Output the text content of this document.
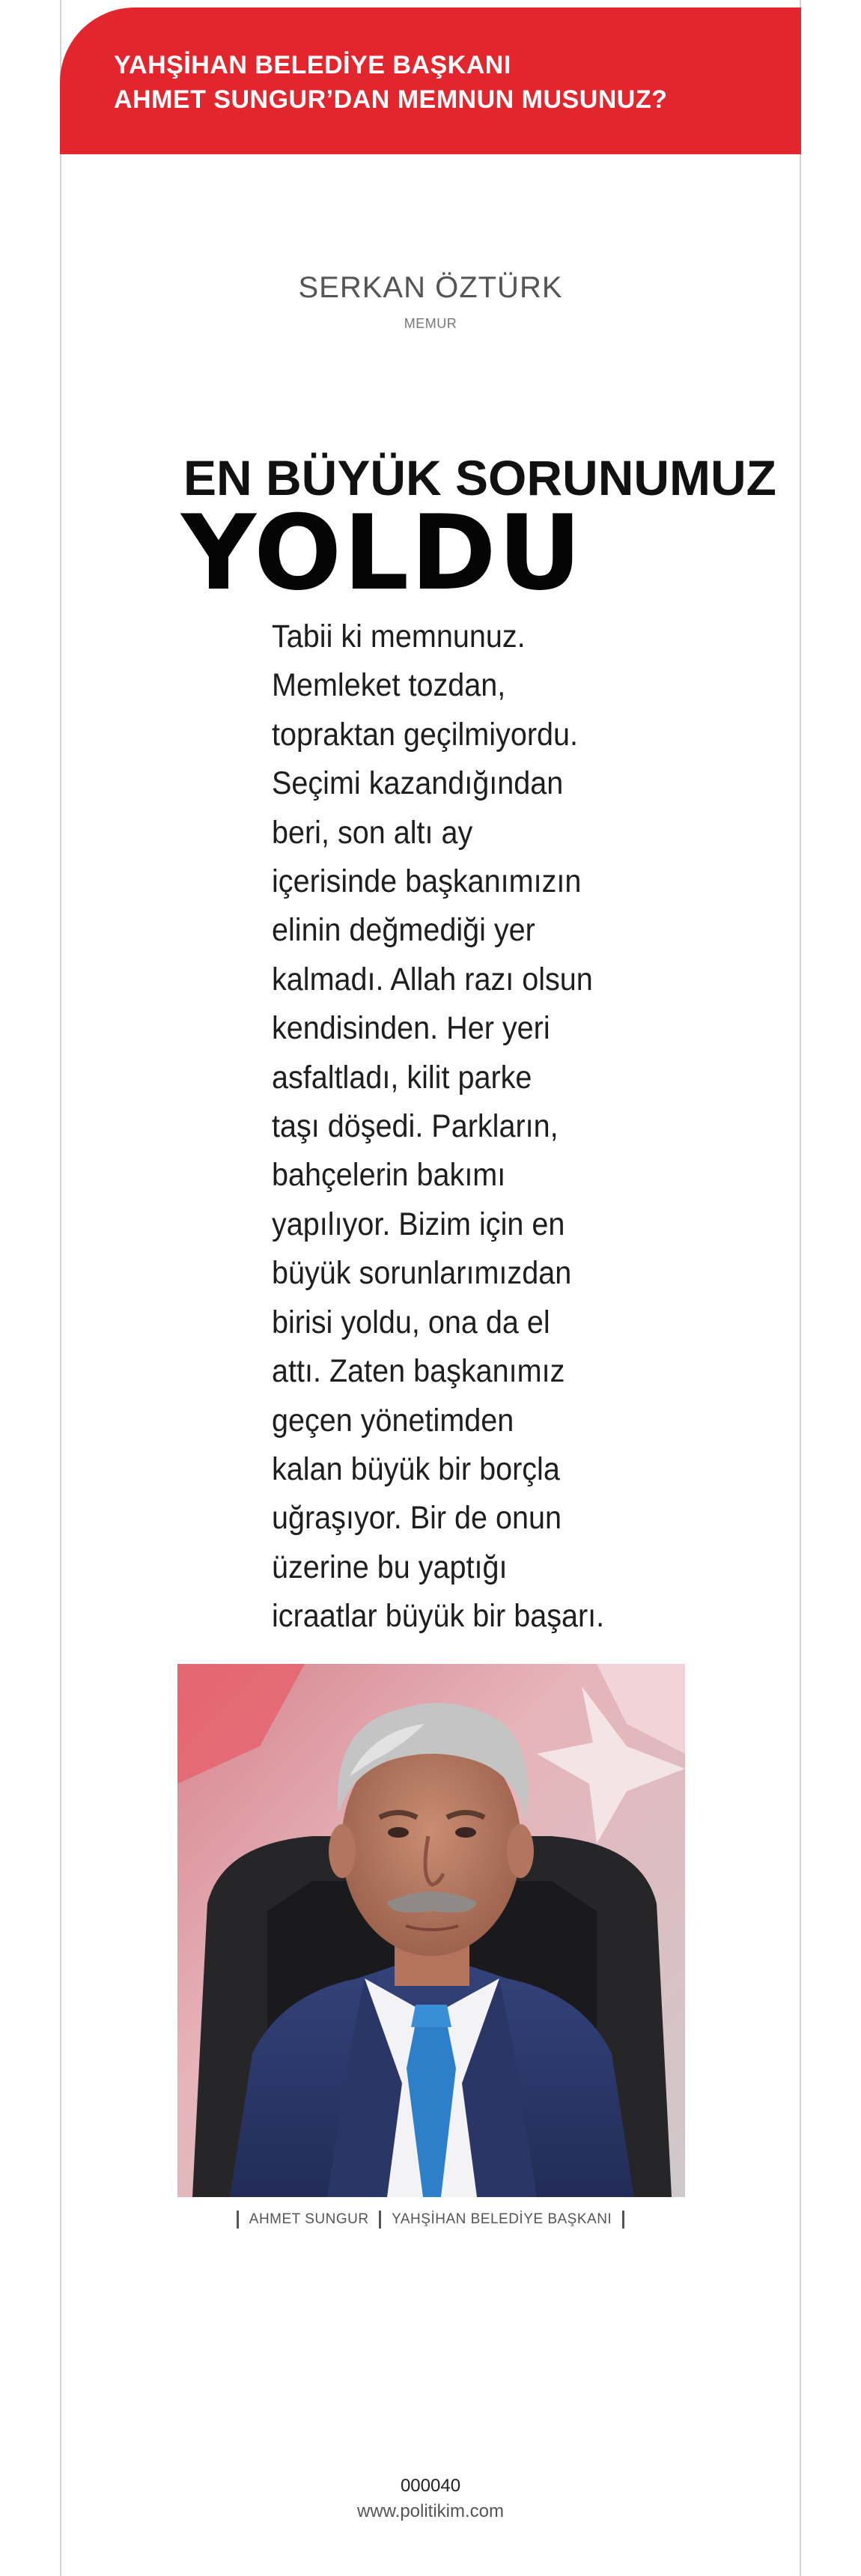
YAHŞİHAN BELEDİYE BAŞKANI
AHMET SUNGUR’DAN MEMNUN MUSUNUZ?
SERKAN ÖZTÜRK
MEMUR
EN BÜYÜK SORUNUMUZ
YOLDU
Tabii ki memnunuz.
Memleket tozdan,
topraktan geçilmiyordu.
Seçimi kazandığından
beri, son altı ay
içerisinde başkanımızın
elinin değmediği yer
kalmadı. Allah razı olsun
kendisinden. Her yeri
asfaltladı, kilit parke
taşı döşedi. Parkların,
bahçelerin bakımı
yapılıyor. Bizim için en
büyük sorunlarımızdan
birisi yoldu, ona da el
attı. Zaten başkanımız
geçen yönetimden
kalan büyük bir borçla
uğraşıyor. Bir de onun
üzerine bu yaptığı
icraatlar büyük bir başarı.
AHMET SUNGUR YAHŞİHAN BELEDİYE BAŞKANI
000040
www.politikim.com
